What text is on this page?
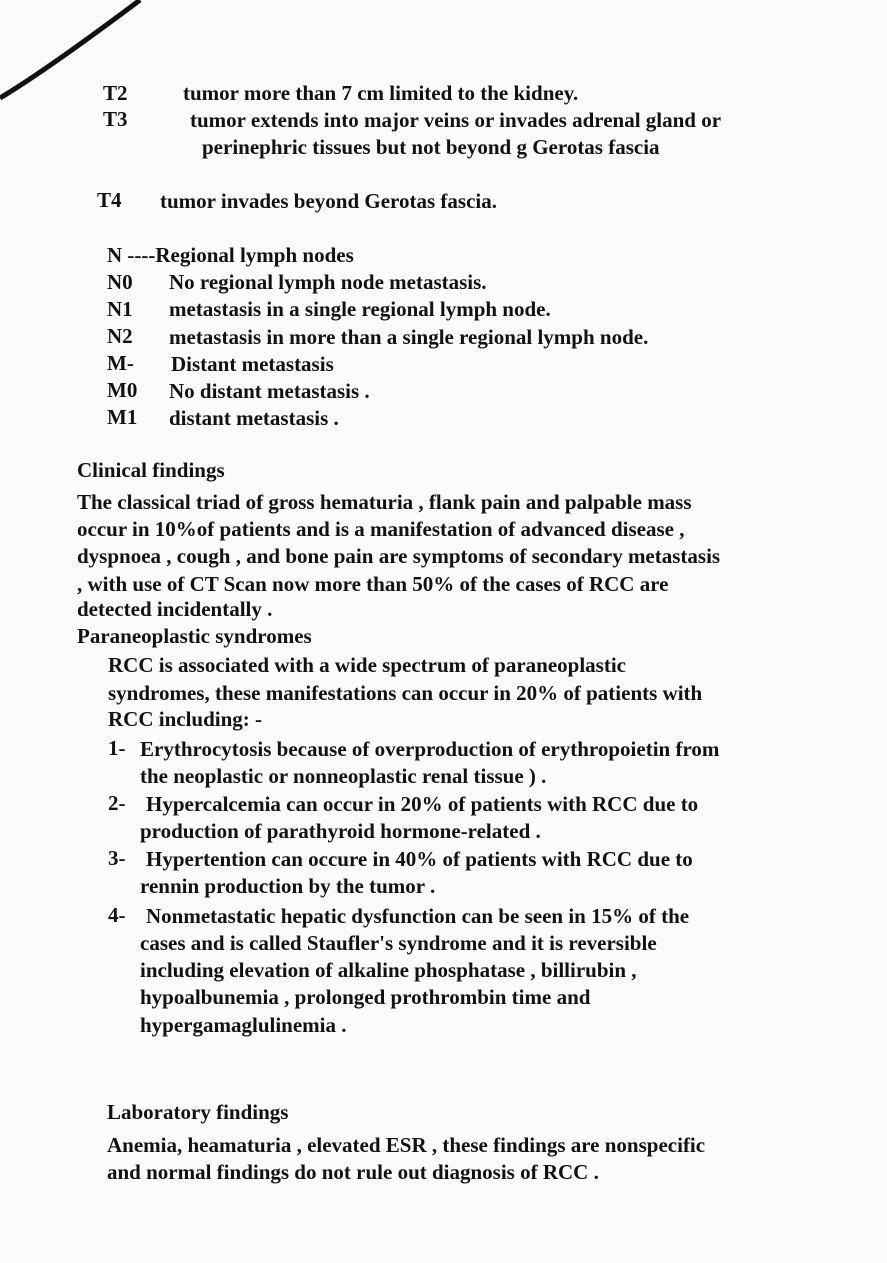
T2	tumor more than 7 cm limited to the kidney.
T3	tumor extends into major veins or invades adrenal gland or
perinephric tissues but not beyond g Gerotas fascia
T4 tumor invades beyond Gerotas fascia.
N ----Regional lymph nodes
N0 No regional lymph node metastasis.
N1 metastasis in a single regional lymph node.
N2 metastasis in more than a single regional lymph node.
M- Distant metastasis
M0 No distant metastasis .
M1 distant metastasis .
Clinical findings
The classical triad of gross hematuria , flank pain and palpable mass
occur in 10%of patients and is a manifestation of advanced disease ,
dyspnoea , cough , and bone pain are symptoms of secondary metastasis
, with use of CT Scan now more than 50% of the cases of RCC are
detected incidentally .
Paraneoplastic syndromes
RCC is associated with a wide spectrum of paraneoplastic
syndromes, these manifestations can occur in 20% of patients with
RCC including: -
1- Erythrocytosis because of overproduction of erythropoietin from
the neoplastic or nonneoplastic renal tissue ) .
2- Hypercalcemia can occur in 20% of patients with RCC due to
production of parathyroid hormone-related .
3- Hypertention can occure in 40% of patients with RCC due to
rennin production by the tumor .
4- Nonmetastatic hepatic dysfunction can be seen in 15% of the
cases and is called Staufler's syndrome and it is reversible
including elevation of alkaline phosphatase , billirubin ,
hypoalbunemia , prolonged prothrombin time and
hypergamaglulinemia .
Laboratory findings
Anemia, heamaturia , elevated ESR , these findings are nonspecific
and normal findings do not rule out diagnosis of RCC .
